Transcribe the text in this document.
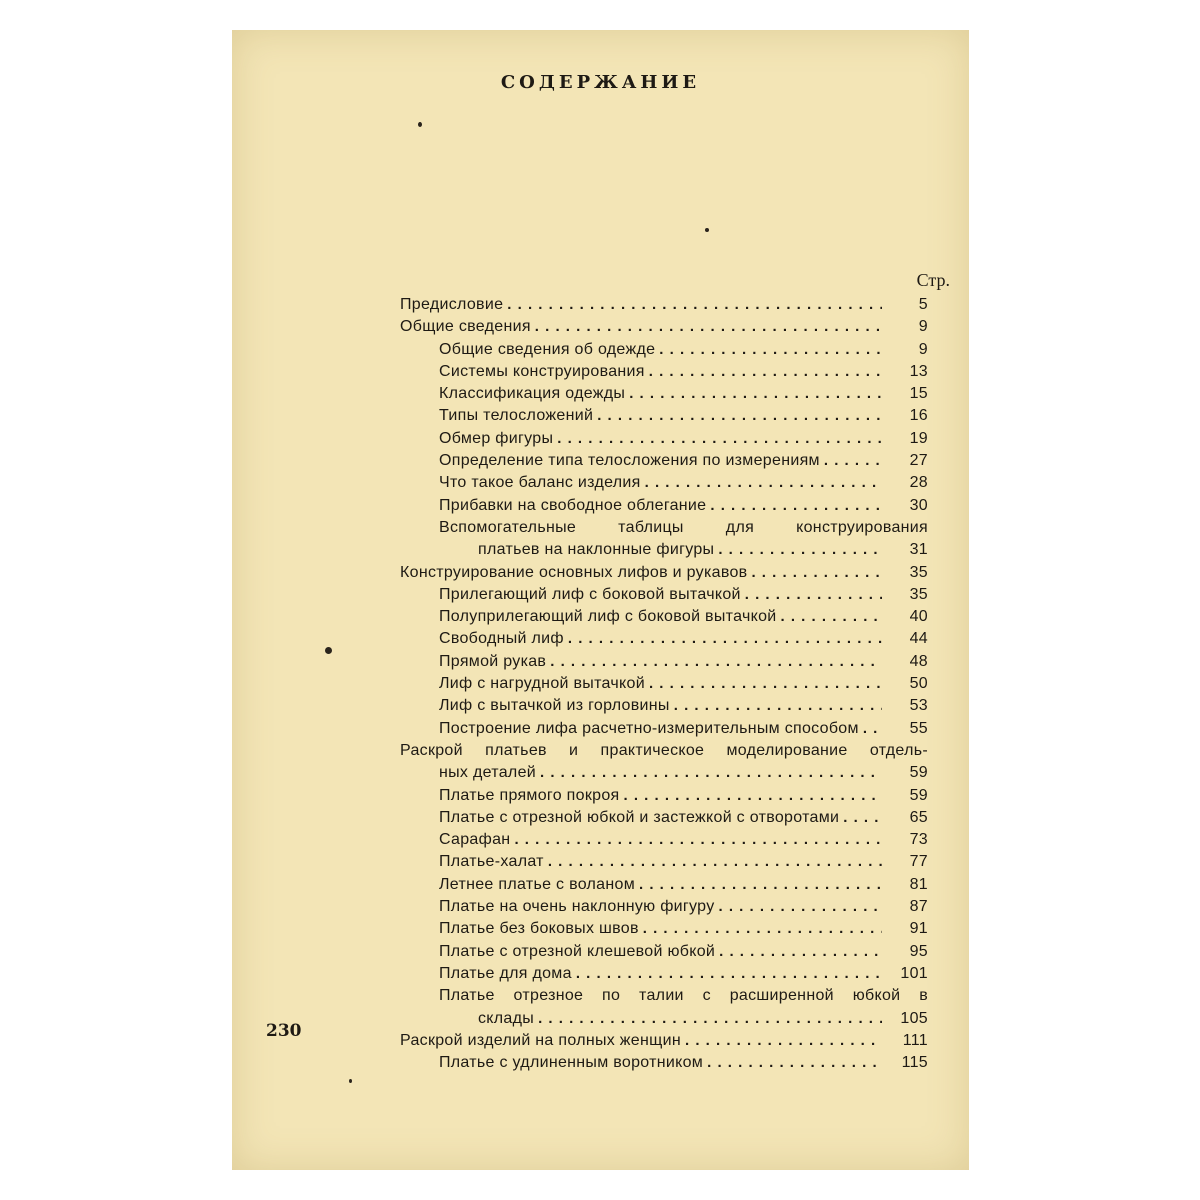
СОДЕРЖАНИЕ
Стр.
Предисловие . . .	5
Общие сведения . . .	9
Общие сведения об одежде . . .	9
Системы конструирования . . .	13
Классификация одежды . . .	15
Типы телосложений . . .	16
Обмер фигуры . . .	19
Определение типа телосложения по измерениям . . .	27
Что такое баланс изделия . . .	28
Прибавки на свободное облегание . . .	30
Вспомогательные таблицы для конструирования
платьев на наклонные фигуры . . .	31
Конструирование основных лифов и рукавов . . .	35
Прилегающий лиф с боковой вытачкой . . .	35
Полуприлегающий лиф с боковой вытачкой . . .	40
Свободный лиф . . .	44
Прямой рукав . . .	48
Лиф с нагрудной вытачкой . . .	50
Лиф с вытачкой из горловины . . .	53
Построение лифа расчетно-измерительным способом . . .	55
Раскрой платьев и практическое моделирование отдель-
ных деталей . . .	59
Платье прямого покроя . . .	59
Платье с отрезной юбкой и застежкой с отворотами . . .	65
Сарафан . . .	73
Платье-халат . . .	77
Летнее платье с воланом . . .	81
Платье на очень наклонную фигуру . . .	87
Платье без боковых швов . . .	91
Платье с отрезной клешевой юбкой . . .	95
Платье для дома . . .	101
Платье отрезное по талии с расширенной юбкой в
склады . . .	105
Раскрой изделий на полных женщин . . .	111
Платье с удлиненным воротником . . .	115
230
